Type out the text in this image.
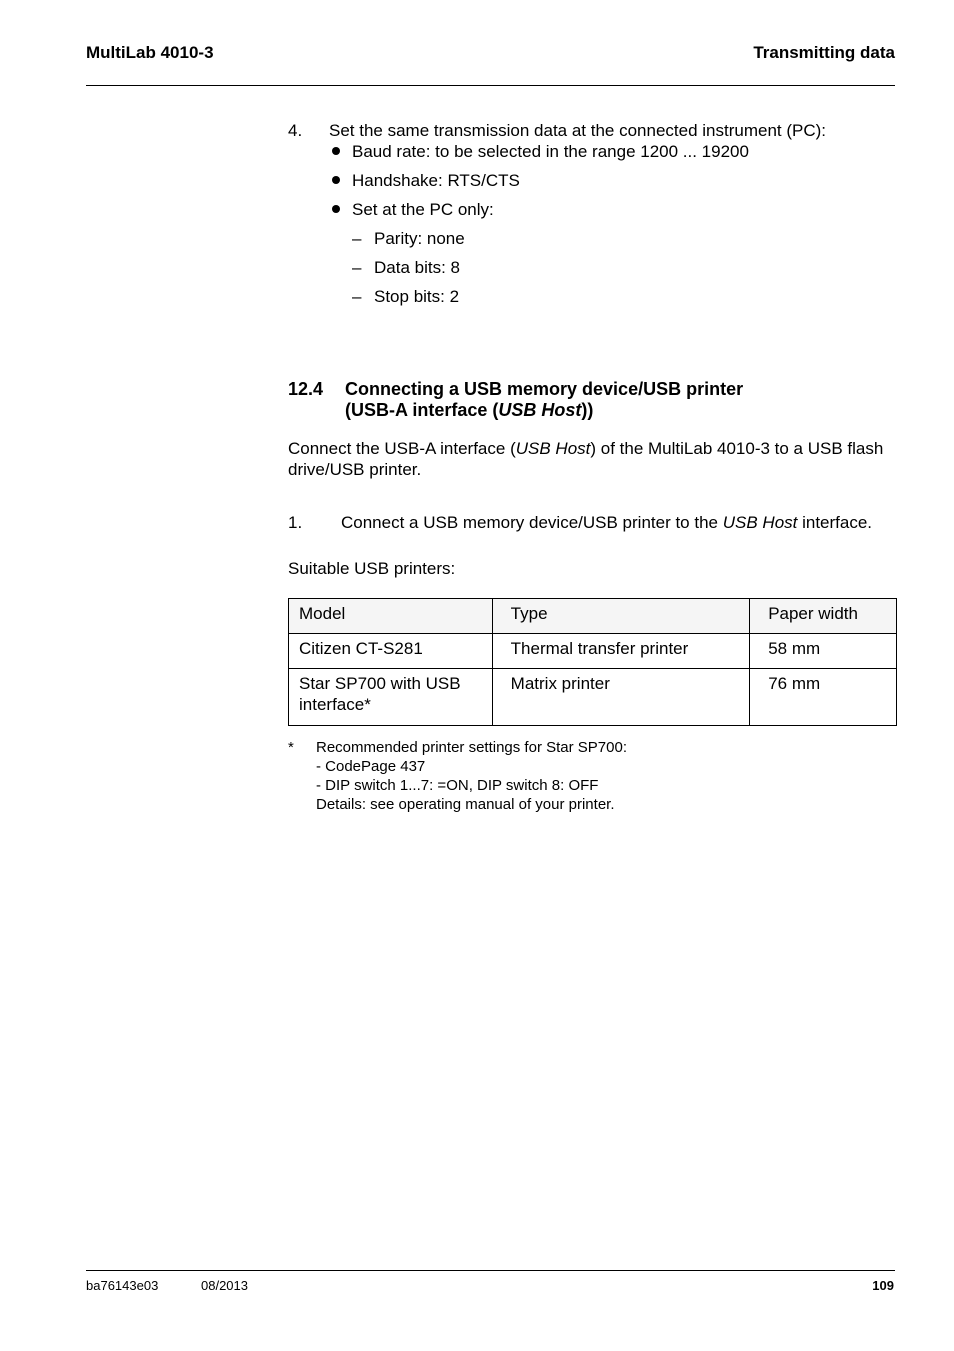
MultiLab 4010-3	Transmitting data
4. Set the same transmission data at the connected instrument (PC):
Baud rate: to be selected in the range 1200 ... 19200
Handshake: RTS/CTS
Set at the PC only:
– Parity: none
– Data bits: 8
– Stop bits: 2
12.4 Connecting a USB memory device/USB printer
(USB-A interface (USB Host))
Connect the USB-A interface (USB Host) of the MultiLab 4010-3 to a USB flash drive/USB printer.
1. Connect a USB memory device/USB printer to the USB Host interface.
Suitable USB printers:
Model	Type	Paper width
Citizen CT-S281	Thermal transfer printer	58 mm
Star SP700 with USB interface*	Matrix printer	76 mm
* Recommended printer settings for Star SP700:
- CodePage 437
- DIP switch 1...7: =ON, DIP switch 8: OFF
Details: see operating manual of your printer.
ba76143e03	08/2013	109
